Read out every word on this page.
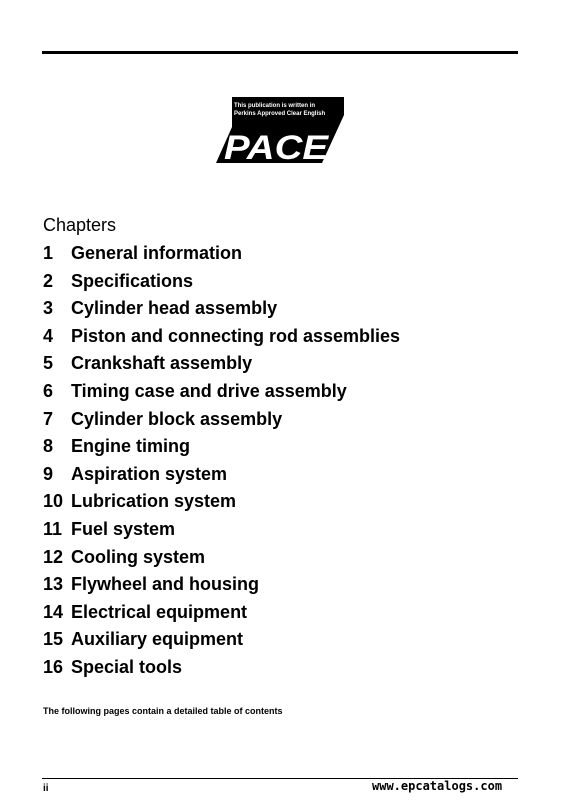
PACE
This publication is written in
Perkins Approved Clear English
Chapters
1 General information
2 Specifications
3 Cylinder head assembly
4 Piston and connecting rod assemblies
5 Crankshaft assembly
6 Timing case and drive assembly
7 Cylinder block assembly
8 Engine timing
9 Aspiration system
10 Lubrication system
11 Fuel system
12 Cooling system
13 Flywheel and housing
14 Electrical equipment
15 Auxiliary equipment
16 Special tools
The following pages contain a detailed table of contents
ii	www.epcatalogs.com
